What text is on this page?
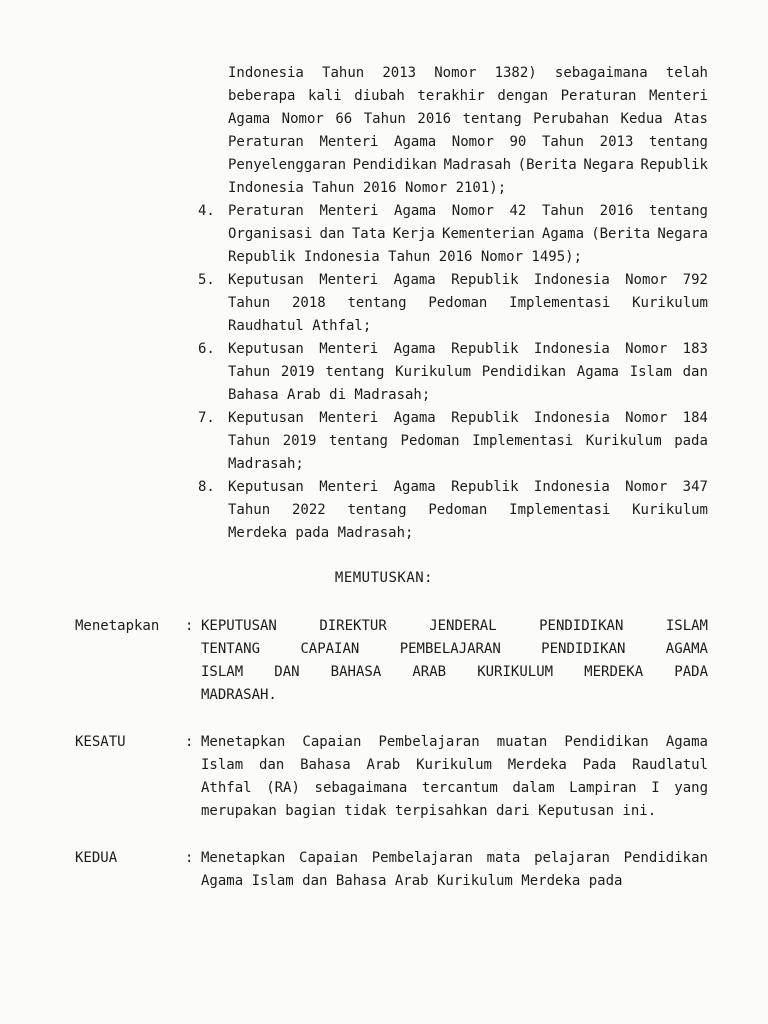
Indonesia Tahun 2013 Nomor 1382) sebagaimana telah
beberapa kali diubah terakhir dengan Peraturan Menteri
Agama Nomor 66 Tahun 2016 tentang Perubahan Kedua Atas
Peraturan Menteri Agama Nomor 90 Tahun 2013 tentang
Penyelenggaran Pendidikan Madrasah (Berita Negara Republik
Indonesia Tahun 2016 Nomor 2101);
4. Peraturan Menteri Agama Nomor 42 Tahun 2016 tentang
Organisasi dan Tata Kerja Kementerian Agama (Berita Negara
Republik Indonesia Tahun 2016 Nomor 1495);
5. Keputusan Menteri Agama Republik Indonesia Nomor 792
Tahun 2018 tentang Pedoman Implementasi Kurikulum
Raudhatul Athfal;
6. Keputusan Menteri Agama Republik Indonesia Nomor 183
Tahun 2019 tentang Kurikulum Pendidikan Agama Islam dan
Bahasa Arab di Madrasah;
7. Keputusan Menteri Agama Republik Indonesia Nomor 184
Tahun 2019 tentang Pedoman Implementasi Kurikulum pada
Madrasah;
8. Keputusan Menteri Agama Republik Indonesia Nomor 347
Tahun 2022 tentang Pedoman Implementasi Kurikulum
Merdeka pada Madrasah;
MEMUTUSKAN:
Menetapkan	: KEPUTUSAN	DIREKTUR	JENDERAL	PENDIDIKAN	ISLAM
TENTANG	CAPAIAN	PEMBELAJARAN	PENDIDIKAN	AGAMA
ISLAM DAN BAHASA ARAB KURIKULUM MERDEKA PADA
MADRASAH.
KESATU	: Menetapkan Capaian Pembelajaran muatan Pendidikan Agama
Islam dan Bahasa Arab Kurikulum Merdeka Pada Raudlatul
Athfal (RA) sebagaimana tercantum dalam Lampiran I yang
merupakan bagian tidak terpisahkan dari Keputusan ini.
KEDUA	: Menetapkan Capaian Pembelajaran mata pelajaran Pendidikan
Agama Islam dan Bahasa Arab Kurikulum Merdeka pada
